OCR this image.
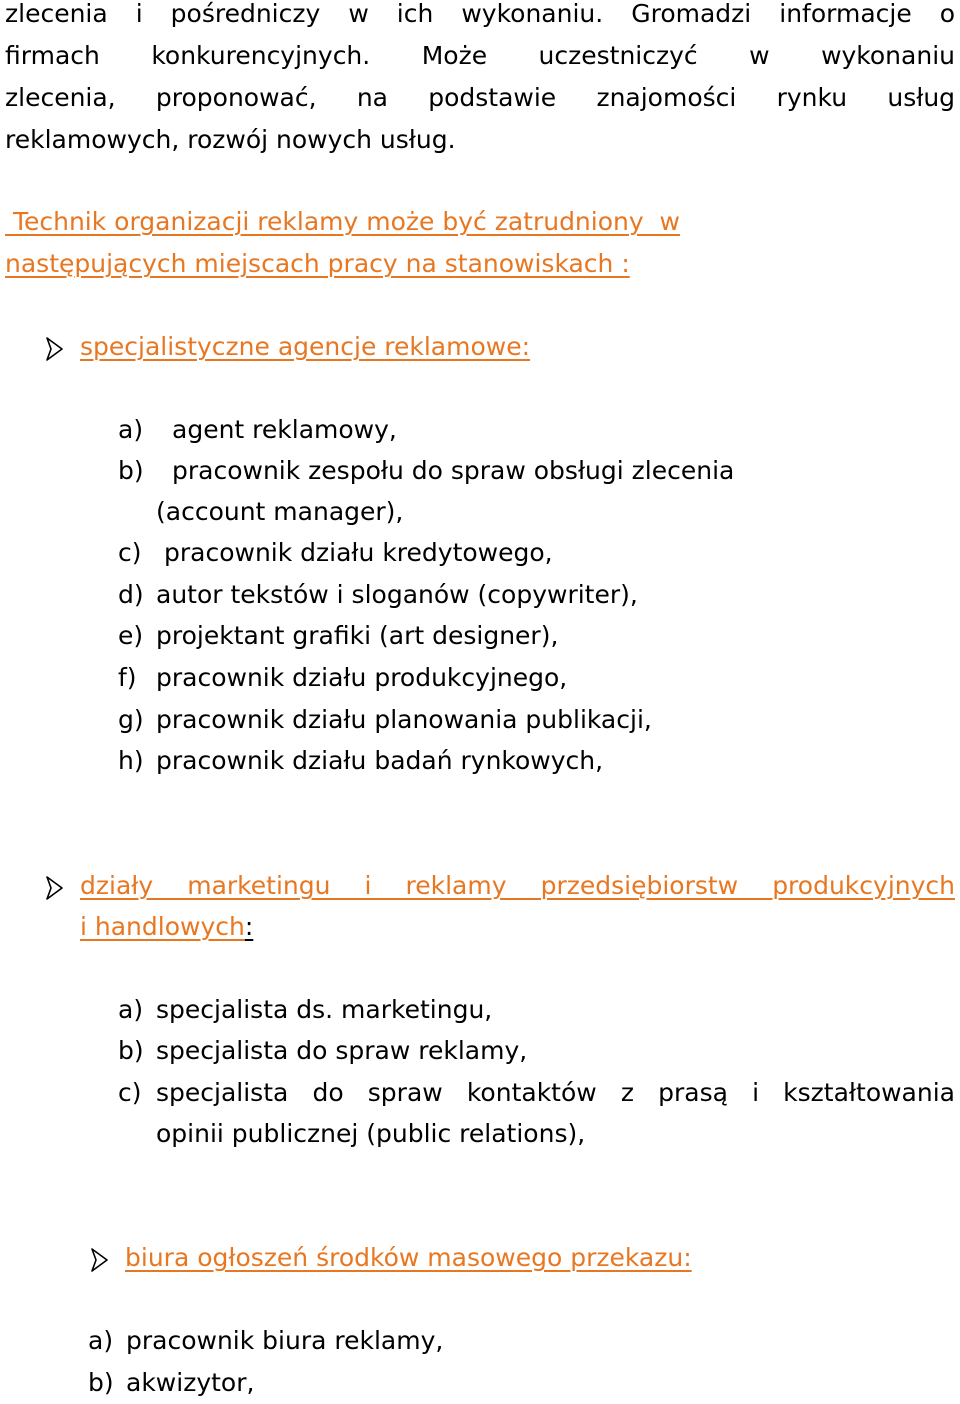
zlecenia i pośredniczy w ich wykonaniu. Gromadzi informacje o
firmach konkurencyjnych. Może uczestniczyć w wykonaniu
zlecenia, proponować, na podstawie znajomości rynku usług
reklamowych, rozwój nowych usług.
Technik organizacji reklamy może być zatrudniony  w
następujących miejscach pracy na stanowiskach :
specjalistyczne agencje reklamowe:
a) agent reklamowy,
b) pracownik zespołu do spraw obsługi zlecenia
(account manager),
c) pracownik działu kredytowego,
d) autor tekstów i sloganów (copywriter),
e) projektant grafiki (art designer),
f) pracownik działu produkcyjnego,
g) pracownik działu planowania publikacji,
h) pracownik działu badań rynkowych,
działy marketingu i reklamy przedsiębiorstw produkcyjnych
i handlowych:
a) specjalista ds. marketingu,
b) specjalista do spraw reklamy,
c) specjalista do spraw kontaktów z prasą i kształtowania
opinii publicznej (public relations),
biura ogłoszeń środków masowego przekazu:
a) pracownik biura reklamy,
b) akwizytor,
